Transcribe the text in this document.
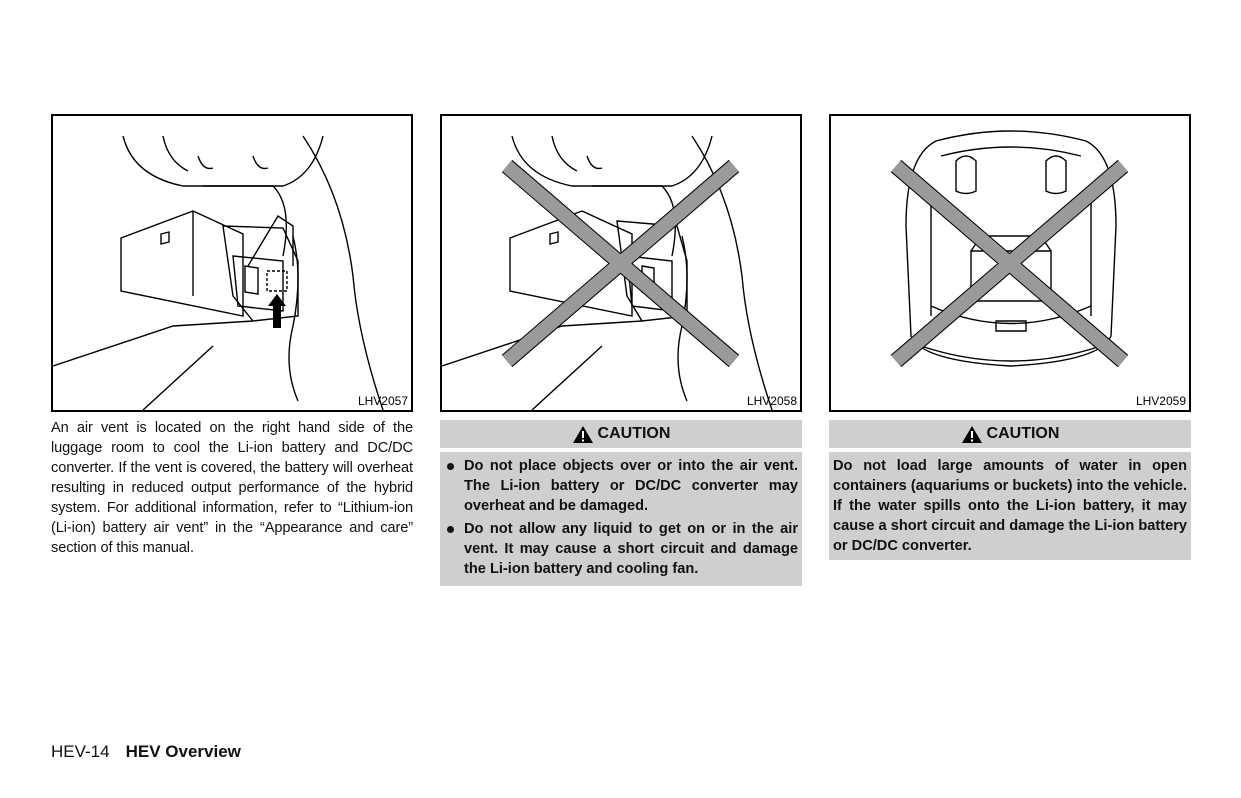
LHV2057

An air vent is located on the right hand side of the luggage room to cool the Li-ion battery and DC/DC converter. If the vent is covered, the battery will overheat resulting in reduced output performance of the hybrid system. For additional information, refer to “Lithium-ion (Li-ion) battery air vent” in the “Appearance and care” section of this manual.

LHV2058
CAUTION
Do not place objects over or into the air vent. The Li-ion battery or DC/DC converter may overheat and be damaged.
Do not allow any liquid to get on or in the air vent. It may cause a short circuit and damage the Li-ion battery and cooling fan.
LHV2059
CAUTION

Do not load large amounts of water in open containers (aquariums or buckets) into the vehicle. If the water spills onto the Li-ion battery, it may cause a short circuit and damage the Li-ion battery or DC/DC converter.

HEV-14 HEV Overview
